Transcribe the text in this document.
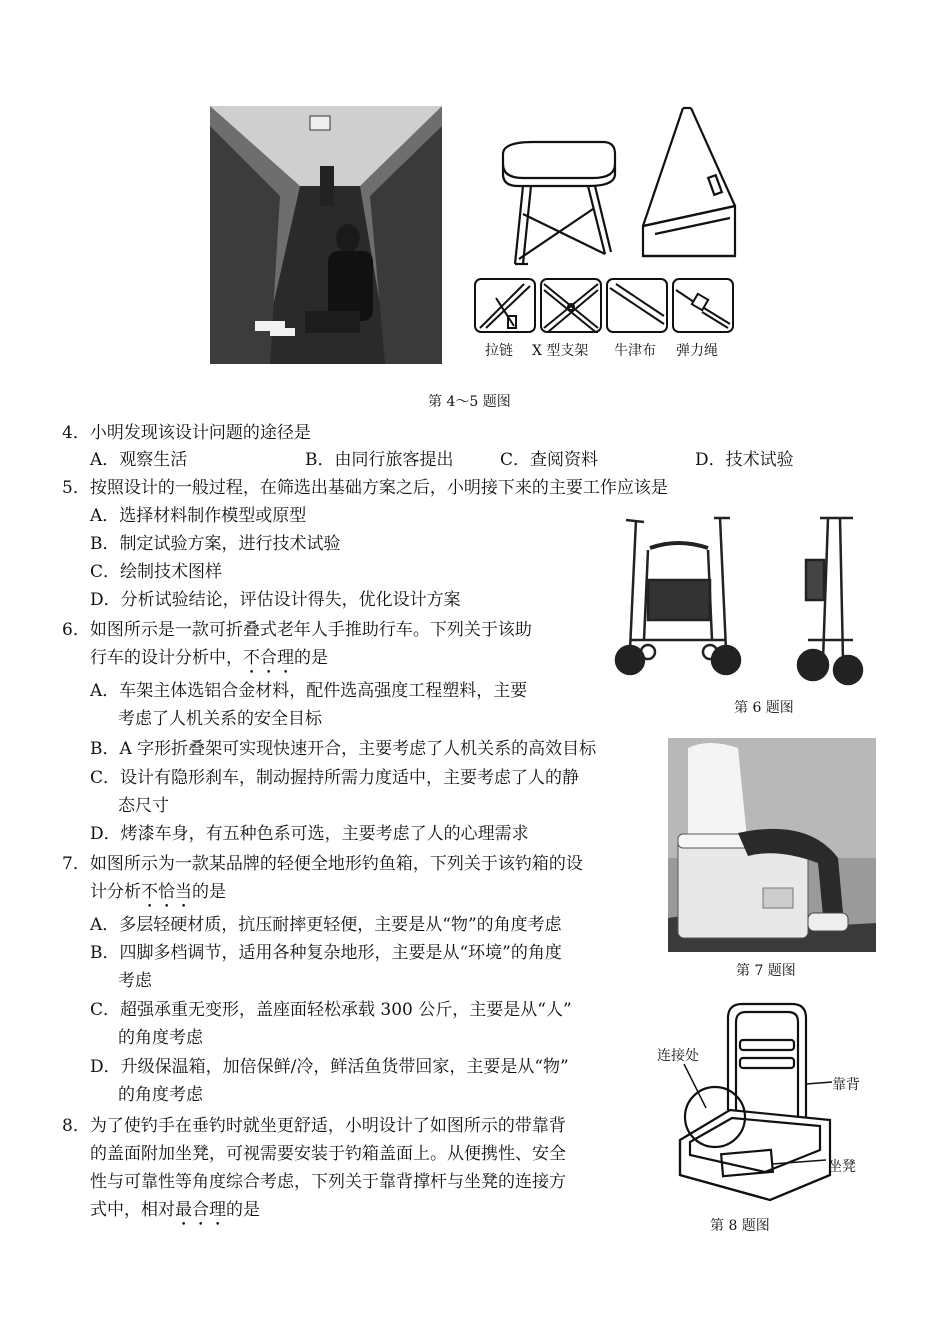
拉链 X 型支架 牛津布 弹力绳
第 4～5 题图
4．小明发现该设计问题的途径是
A．观察生活	B．由同行旅客提出	C．查阅资料	D．技术试验
5．按照设计的一般过程，在筛选出基础方案之后，小明接下来的主要工作应该是
A．选择材料制作模型或原型
B．制定试验方案，进行技术试验
C．绘制技术图样
D．分析试验结论，评估设计得失，优化设计方案
第 6 题图
6．如图所示是一款可折叠式老年人手推助行车。下列关于该助
行车的设计分析中，不合理的是
A．车架主体选铝合金材料，配件选高强度工程塑料，主要
考虑了人机关系的安全目标
B．A 字形折叠架可实现快速开合，主要考虑了人机关系的高效目标
C．设计有隐形刹车，制动握持所需力度适中，主要考虑了人的静
态尺寸
D．烤漆车身，有五种色系可选，主要考虑了人的心理需求
第 7 题图
7．如图所示为一款某品牌的轻便全地形钓鱼箱，下列关于该钓箱的设
计分析不恰当的是
A．多层轻硬材质，抗压耐摔更轻便，主要是从“物”的角度考虑
B．四脚多档调节，适用各种复杂地形，主要是从“环境”的角度
考虑
C．超强承重无变形，盖座面轻松承载 300 公斤，主要是从“人”
的角度考虑
D．升级保温箱，加倍保鲜/冷，鲜活鱼货带回家，主要是从“物”
的角度考虑
连接处
靠背
坐凳
第 8 题图
8．为了使钓手在垂钓时就坐更舒适，小明设计了如图所示的带靠背
的盖面附加坐凳，可视需要安装于钓箱盖面上。从便携性、安全
性与可靠性等角度综合考虑，下列关于靠背撑杆与坐凳的连接方
式中，相对最合理的是
